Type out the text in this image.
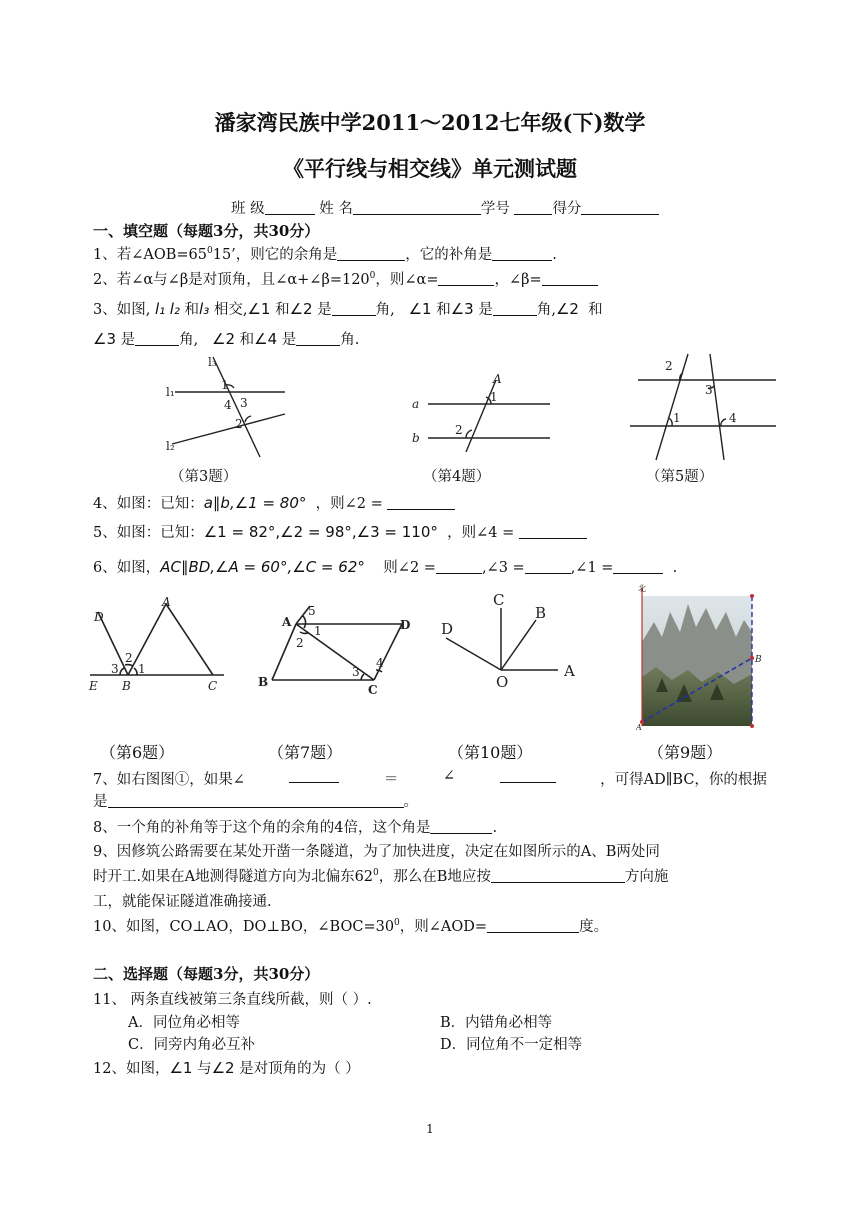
潘家湾民族中学2011～2012七年级(下)数学
《平行线与相交线》单元测试题
班 级	姓 名	学号	得分
一、填空题（每题3分，共30分）
1、若$\angle AOB=65^015$’，则它的余角是	，它的补角是	.
2、若∠α与∠β是对顶角，且$\angle\alpha+\angle\beta=120^0$，则∠α=	，∠β=
3、如图, l₁ l₂ 和l₃ 相交,∠1 和∠2 是	角, ∠1 和∠3 是	角,∠2 和
∠3 是	角, ∠2 和∠4 是	角.
l₃
l₁
l₂
1
4 3
2
A
a
b
1
2
2
3
1	4
（第3题）	（第4题）	（第5题）
4、如图：已知：a∥b,∠1 = 80° ，则∠2 =
5、如图：已知：∠1 = 82°,∠2 = 98°,∠3 = 110° ，则∠4 =
6、如图，AC∥BD,∠A = 60°,∠C = 62° 则∠2 =	,∠3 =	,∠1 =	.
D
A
2
3 1
E B	C
A
5
1
2
D
B
C
3
4
C
B
D
A
O
北
B
A
（第6题）	（第7题）	（第10题）	（第9题）
7、如右图图①，如果∠	＝	∠	，可得AD∥BC，你的根据
是	。
8、一个角的补角等于这个角的余角的4倍，这个角是	.
9、因修筑公路需要在某处开凿一条隧道，为了加快进度，决定在如图所示的A、B两处同
时开工.如果在A地测得隧道方向为北偏东$62^0$，那么在B地应按	方向施
工，就能保证隧道准确接通.
10、如图，CO⊥AO，DO⊥BO，$\angle BOC=30^0$，则∠AOD=	度。
二、选择题（每题3分，共30分）
11、 两条直线被第三条直线所截，则（ ）.
A．同位角必相等	B．内错角必相等
C．同旁内角必互补	D．同位角不一定相等
12、如图，∠1 与∠2 是对顶角的为（ ）
1
